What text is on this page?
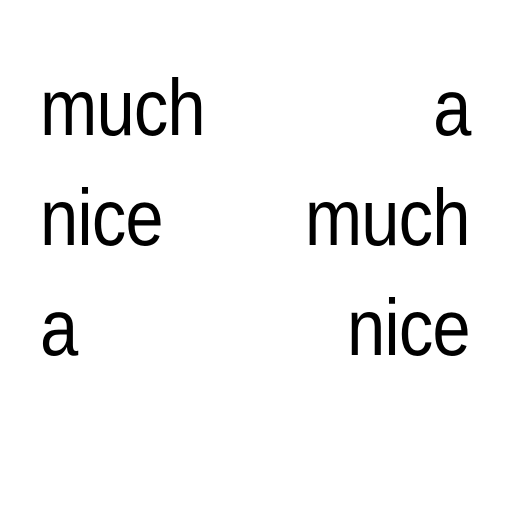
much	a
nice much
a	nice
